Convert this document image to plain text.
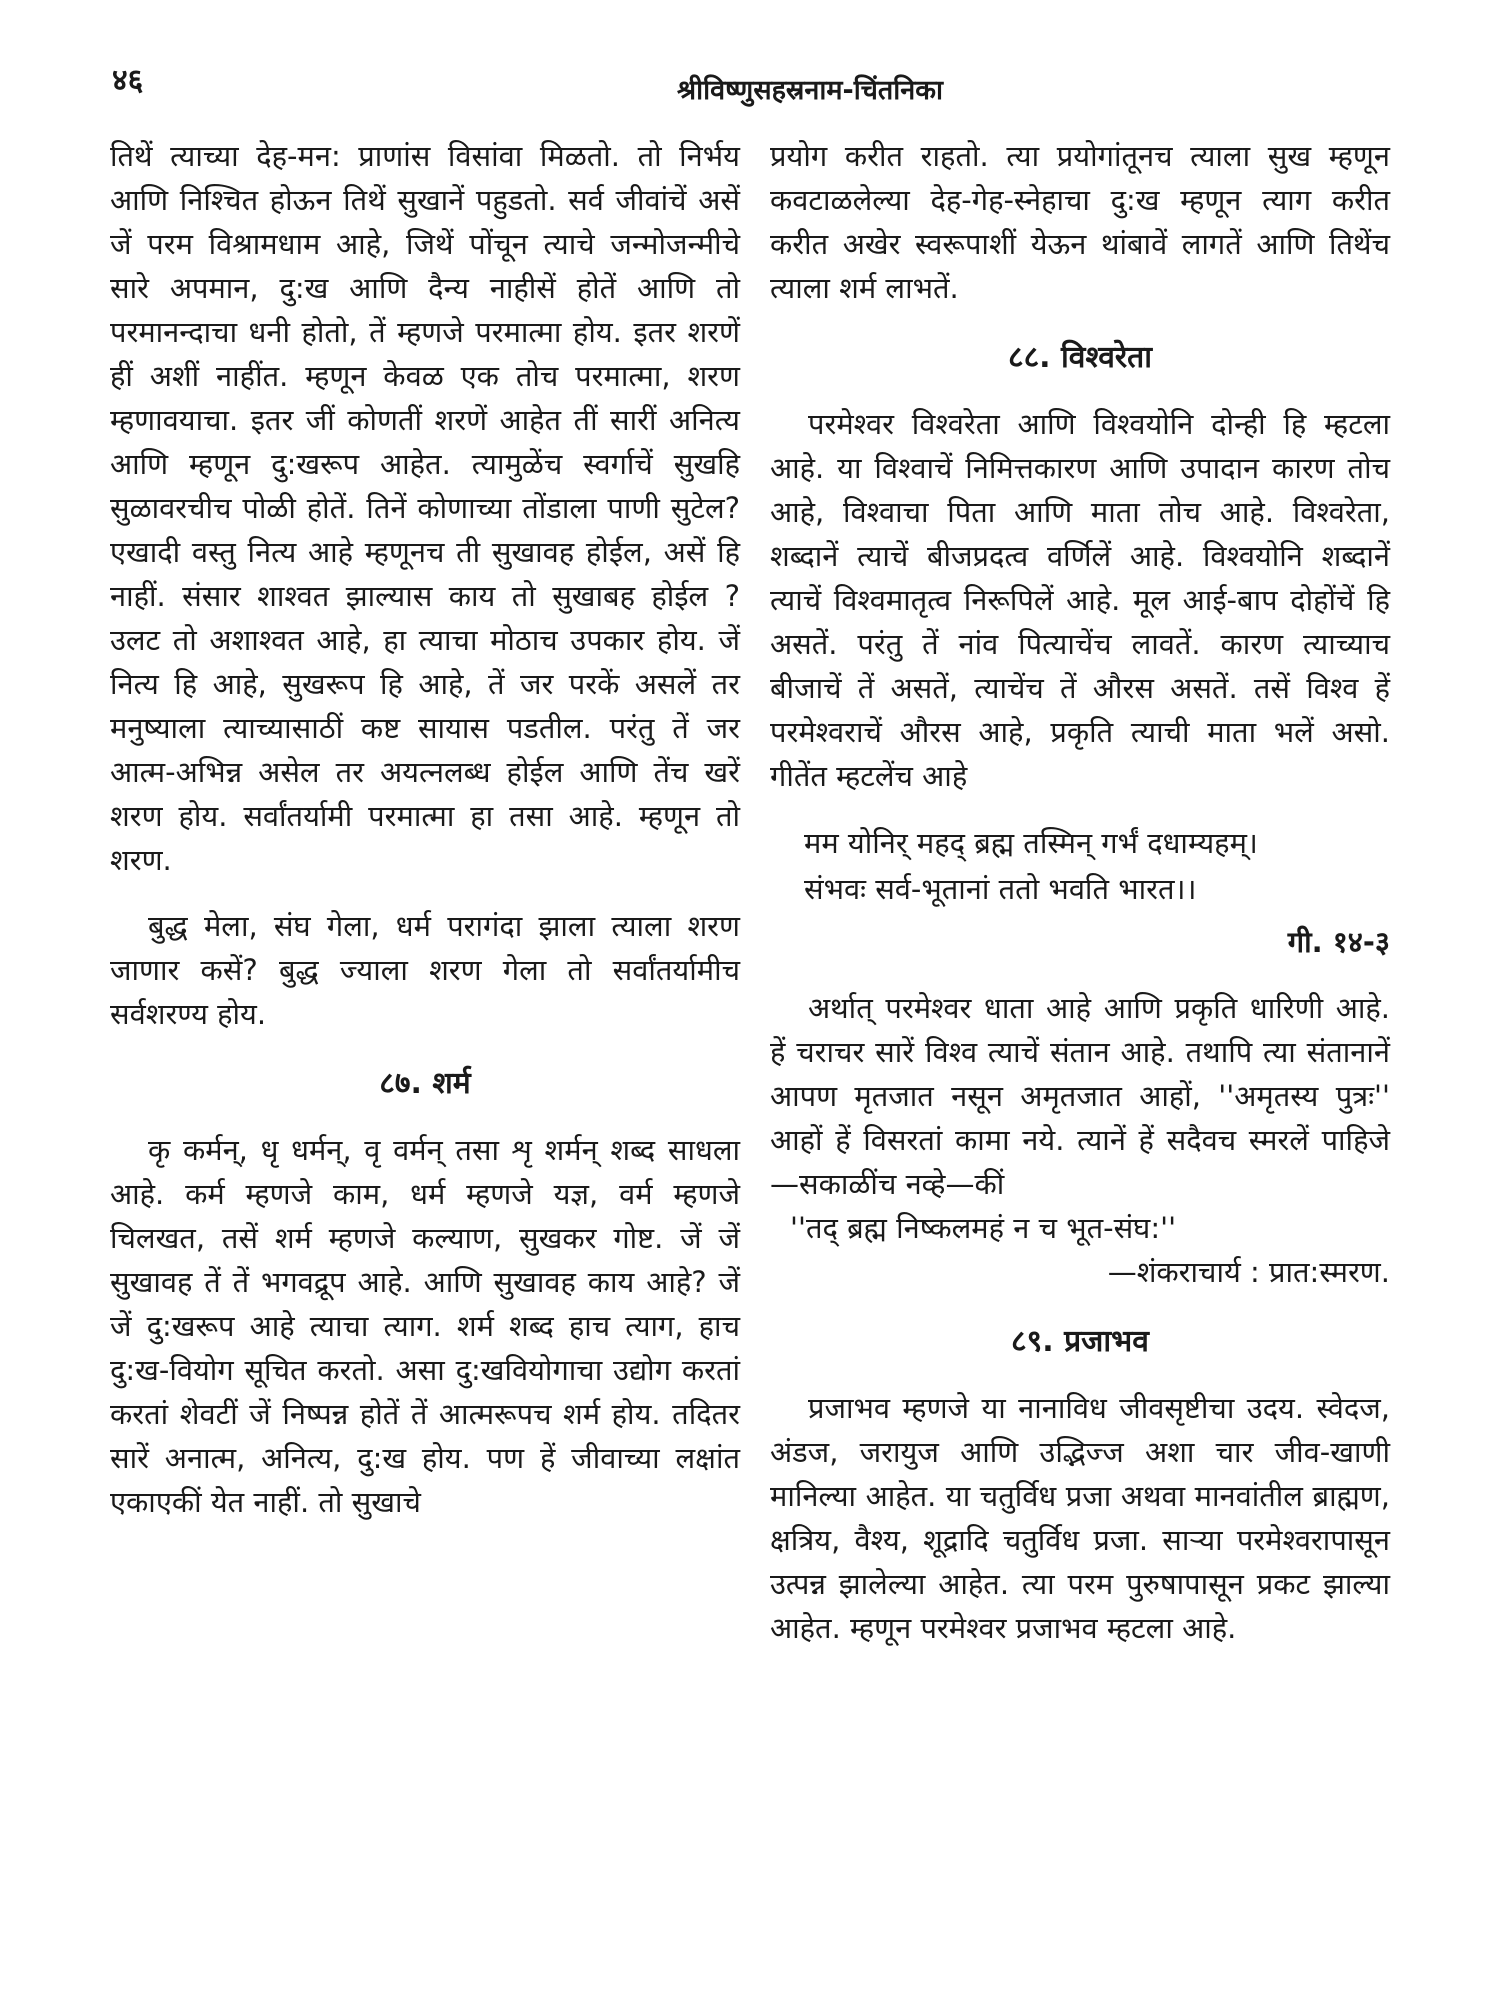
४६	श्रीविष्णुसहस्रनाम-चिंतनिका

तिथें त्याच्या देह-मन: प्राणांस विसांवा मिळतो. तो निर्भय आणि निश्चित होऊन तिथें सुखानें पहुडतो. सर्व जीवांचें असें जें परम विश्रामधाम आहे, जिथें पोंचून त्याचे जन्मोजन्मीचे सारे अपमान, दु:ख आणि दैन्य नाहीसें होतें आणि तो परमानन्दाचा धनी होतो, तें म्हणजे परमात्मा होय. इतर शरणें हीं अशीं नाहींत. म्हणून केवळ एक तोच परमात्मा, शरण म्हणावयाचा. इतर जीं कोणतीं शरणें आहेत तीं सारीं अनित्य आणि म्हणून दु:खरूप आहेत. त्यामुळेंच स्वर्गाचें सुखहि सुळावरचीच पोळी होतें. तिनें कोणाच्या तोंडाला पाणी सुटेल? एखादी वस्तु नित्य आहे म्हणूनच ती सुखावह होईल, असें हि नाहीं. संसार शाश्वत झाल्यास काय तो सुखाबह होईल ? उलट तो अशाश्वत आहे, हा त्याचा मोठाच उपकार होय. जें नित्य हि आहे, सुखरूप हि आहे, तें जर परकें असलें तर मनुष्याला त्याच्यासाठीं कष्ट सायास पडतील. परंतु तें जर आत्म-अभिन्न असेल तर अयत्नलब्ध होईल आणि तेंच खरें शरण होय. सर्वांतर्यामी परमात्मा हा तसा आहे. म्हणून तो शरण.

बुद्ध मेला, संघ गेला, धर्म परागंदा झाला त्याला शरण जाणार कसें? बुद्ध ज्याला शरण गेला तो सर्वांतर्यामीच सर्वशरण्य होय.

८७. शर्म

कृ कर्मन्, धृ धर्मन्, वृ वर्मन् तसा शृ शर्मन् शब्द साधला आहे. कर्म म्हणजे काम, धर्म म्हणजे यज्ञ, वर्म म्हणजे चिलखत, तसें शर्म म्हणजे कल्याण, सुखकर गोष्ट. जें जें सुखावह तें तें भगवद्रूप आहे. आणि सुखावह काय आहे? जें जें दु:खरूप आहे त्याचा त्याग. शर्म शब्द हाच त्याग, हाच दु:ख-वियोग सूचित करतो. असा दु:खवियोगाचा उद्योग करतां करतां शेवटीं जें निष्पन्न होतें तें आत्मरूपच शर्म होय. तदितर सारें अनात्म, अनित्य, दु:ख होय. पण हें जीवाच्या लक्षांत एकाएकीं येत नाहीं. तो सुखाचे

प्रयोग करीत राहतो. त्या प्रयोगांतूनच त्याला सुख म्हणून कवटाळलेल्या देह-गेह-स्नेहाचा दु:ख म्हणून त्याग करीत करीत अखेर स्वरूपाशीं येऊन थांबावें लागतें आणि तिथेंच त्याला शर्म लाभतें.

८८. विश्वरेता

परमेश्वर विश्वरेता आणि विश्वयोनि दोन्ही हि म्हटला आहे. या विश्वाचें निमित्तकारण आणि उपादान कारण तोच आहे, विश्वाचा पिता आणि माता तोच आहे. विश्वरेता, शब्दानें त्याचें बीजप्रदत्व वर्णिलें आहे. विश्वयोनि शब्दानें त्याचें विश्वमातृत्व निरूपिलें आहे. मूल आई-बाप दोहोंचें हि असतें. परंतु तें नांव पित्याचेंच लावतें. कारण त्याच्याच बीजाचें तें असतें, त्याचेंच तें औरस असतें. तसें विश्व हें परमेश्वराचें औरस आहे, प्रकृति त्याची माता भलें असो. गीतेंत म्हटलेंच आहे

मम योनिर् महद् ब्रह्म तस्मिन् गर्भं दधाम्यहम्।
संभवः सर्व-भूतानां ततो भवति भारत।।
गी. १४-३

अर्थात् परमेश्वर धाता आहे आणि प्रकृति धारिणी आहे. हें चराचर सारें विश्व त्याचें संतान आहे. तथापि त्या संतानानें आपण मृतजात नसून अमृतजात आहों, ''अमृतस्य पुत्रः'' आहों हें विसरतां कामा नये. त्यानें हें सदैवच स्मरलें पाहिजे —सकाळींच नव्हे—कीं

''तद् ब्रह्म निष्कलमहं न च भूत-संघ:''
—शंकराचार्य : प्रात:स्मरण.
८९. प्रजाभव

प्रजाभव म्हणजे या नानाविध जीवसृष्टीचा उदय. स्वेदज, अंडज, जरायुज आणि उद्भिज्ज अशा चार जीव-खाणी मानिल्या आहेत. या चतुर्विध प्रजा अथवा मानवांतील ब्राह्मण, क्षत्रिय, वैश्य, शूद्रादि चतुर्विध प्रजा. साऱ्या परमेश्वरापासून उत्पन्न झालेल्या आहेत. त्या परम पुरुषापासून प्रकट झाल्या आहेत. म्हणून परमेश्वर प्रजाभव म्हटला आहे.
